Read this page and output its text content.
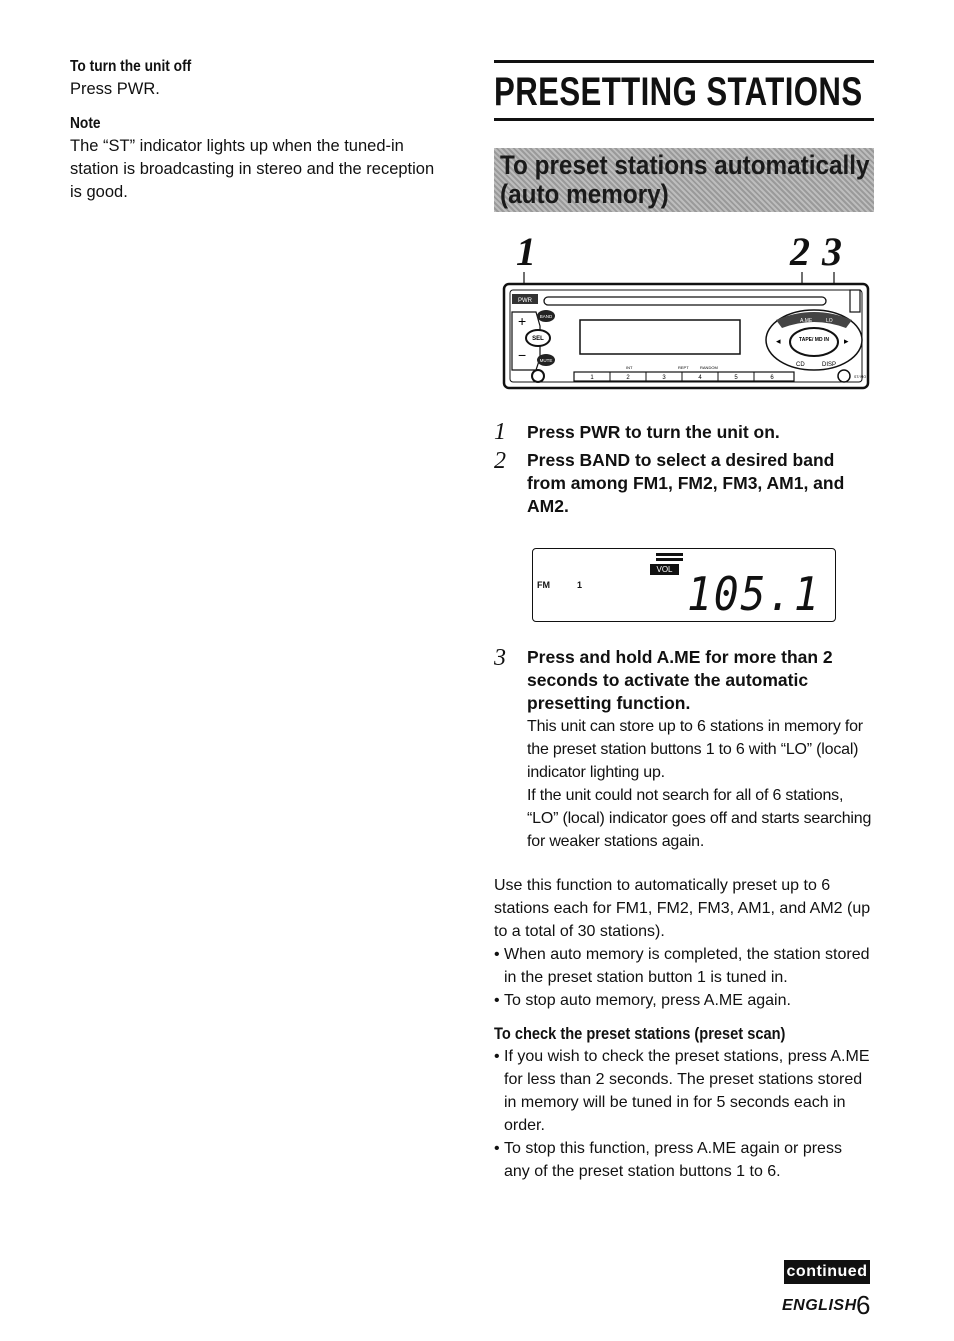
To turn the unit off

Press PWR.

Note

The “ST” indicator lights up when the tuned-in station is broadcasting in stereo and the reception is good.

PRESETTING STATIONS
To preset stations automatically
(auto memory)
1	2 3
PWR
+
−
BAND
SEL
MUTE
INT	REPT	RANDOM
1	2	3	4	5	6
A.ME	LO
TAPE/ MD IN
◂	▸
CD	DISP
ST/ MO
1 Press PWR to turn the unit on.
2 Press BAND to select a desired band from among FM1, FM2, FM3, AM1, and AM2.
FM	1
VOL 105.1
3 Press and hold A.ME for more than 2 seconds to activate the automatic presetting function.
This unit can store up to 6 stations in memory for the preset station buttons 1 to 6 with “LO” (local) indicator lighting up.
If the unit could not search for all of 6 stations, “LO” (local) indicator goes off and starts searching for weaker stations again.
Use this function to automatically preset up to 6 stations each for FM1, FM2, FM3, AM1, and AM2 (up to a total of 30 stations).
• When auto memory is completed, the station stored in the preset station button 1 is tuned in.
• To stop auto memory, press A.ME again.
To check the preset stations (preset scan)
• If you wish to check the preset stations, press A.ME for less than 2 seconds. The preset stations stored in memory will be tuned in for 5 seconds each in order.
• To stop this function, press A.ME again or press any of the preset station buttons 1 to 6.
continued
ENGLISH 6
